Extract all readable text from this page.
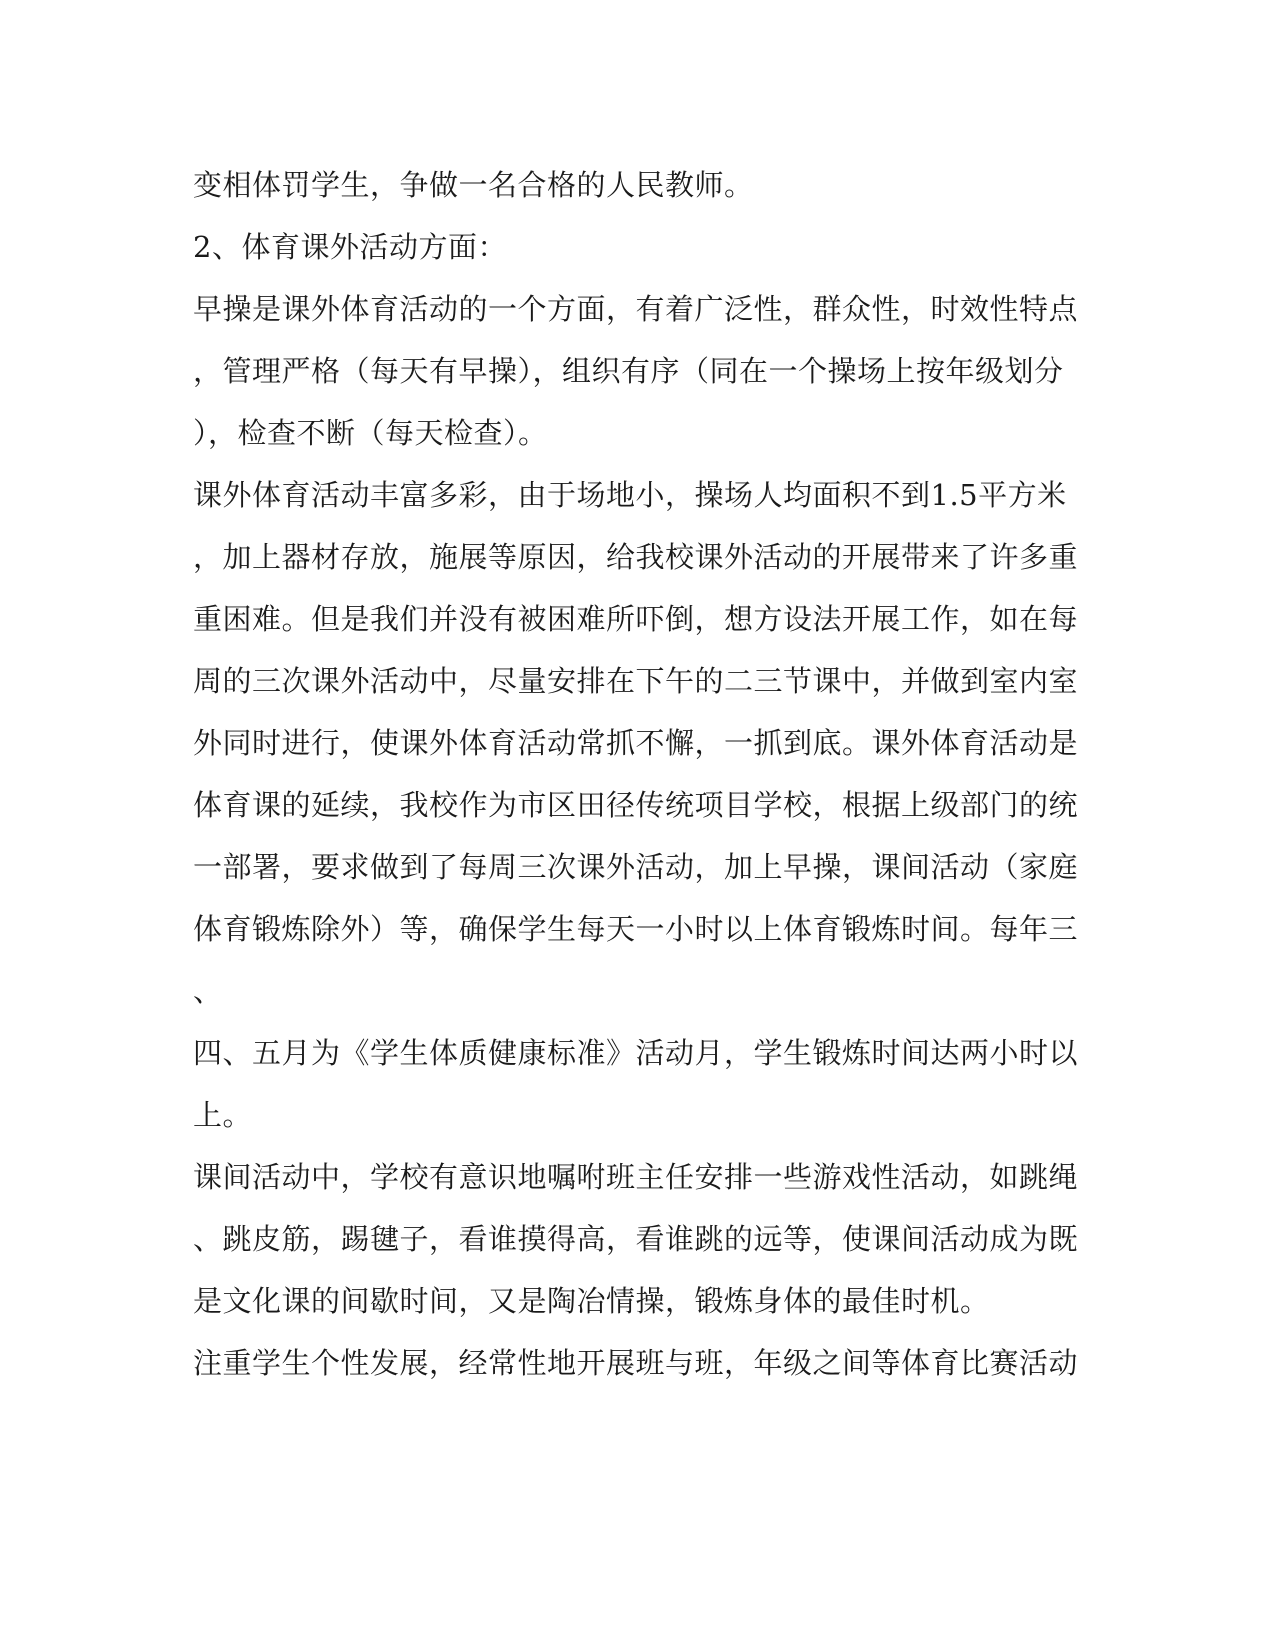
变相体罚学生，争做一名合格的人民教师。
2、体育课外活动方面：
早操是课外体育活动的一个方面，有着广泛性，群众性，时效性特点
，管理严格（每天有早操），组织有序（同在一个操场上按年级划分
），检查不断（每天检查）。
课外体育活动丰富多彩，由于场地小，操场人均面积不到1.5平方米
，加上器材存放，施展等原因，给我校课外活动的开展带来了许多重
重困难。但是我们并没有被困难所吓倒，想方设法开展工作，如在每
周的三次课外活动中，尽量安排在下午的二三节课中，并做到室内室
外同时进行，使课外体育活动常抓不懈，一抓到底。课外体育活动是
体育课的延续，我校作为市区田径传统项目学校，根据上级部门的统
一部署，要求做到了每周三次课外活动，加上早操，课间活动（家庭
体育锻炼除外）等，确保学生每天一小时以上体育锻炼时间。每年三
、
四、五月为《学生体质健康标准》活动月，学生锻炼时间达两小时以
上。
课间活动中，学校有意识地嘱咐班主任安排一些游戏性活动，如跳绳
、跳皮筋，踢毽子，看谁摸得高，看谁跳的远等，使课间活动成为既
是文化课的间歇时间，又是陶冶情操，锻炼身体的最佳时机。
注重学生个性发展，经常性地开展班与班，年级之间等体育比赛活动
